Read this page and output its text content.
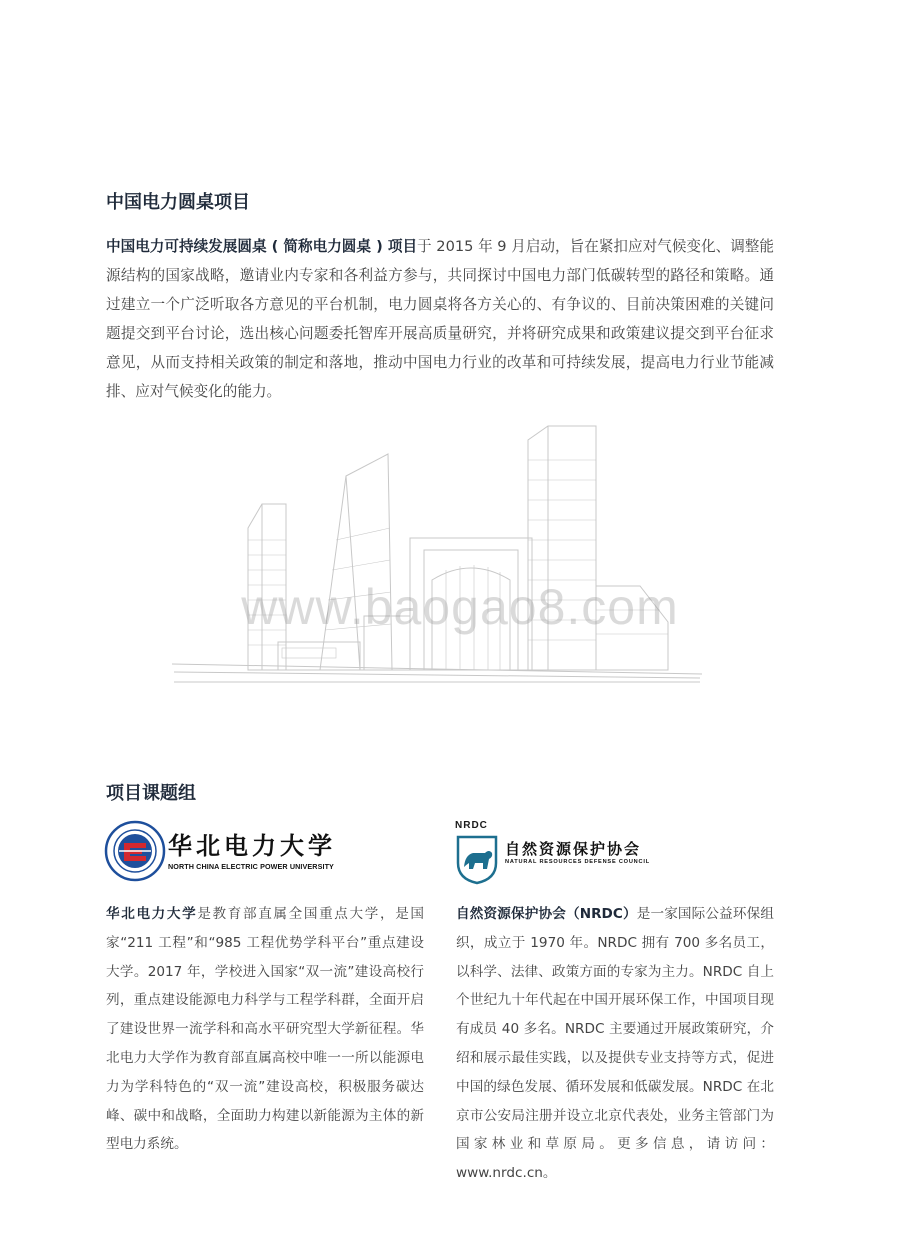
中国电力圆桌项目

中国电力可持续发展圆桌 ( 简称电力圆桌 ) 项目于 2015 年 9 月启动，旨在紧扣应对气候变化、调整能源结构的国家战略，邀请业内专家和各利益方参与，共同探讨中国电力部门低碳转型的路径和策略。通过建立一个广泛听取各方意见的平台机制，电力圆桌将各方关心的、有争议的、目前决策困难的关键问题提交到平台讨论，选出核心问题委托智库开展高质量研究，并将研究成果和政策建议提交到平台征求意见，从而支持相关政策的制定和落地，推动中国电力行业的改革和可持续发展，提高电力行业节能减排、应对气候变化的能力。

www.baogao8.com
项目课题组
华北电力大学
NORTH CHINA ELECTRIC POWER UNIVERSITY
NRDC
自然资源保护协会
NATURAL RESOURCES DEFENSE COUNCIL

华北电力大学是教育部直属全国重点大学，是国家“211 工程”和“985 工程优势学科平台”重点建设大学。2017 年，学校进入国家“双一流”建设高校行列，重点建设能源电力科学与工程学科群，全面开启了建设世界一流学科和高水平研究型大学新征程。华北电力大学作为教育部直属高校中唯一一所以能源电力为学科特色的“双一流”建设高校，积极服务碳达峰、碳中和战略，全面助力构建以新能源为主体的新型电力系统。

自然资源保护协会（NRDC）是一家国际公益环保组织，成立于 1970 年。NRDC 拥有 700 多名员工，以科学、法律、政策方面的专家为主力。NRDC 自上个世纪九十年代起在中国开展环保工作，中国项目现有成员 40 多名。NRDC 主要通过开展政策研究，介绍和展示最佳实践，以及提供专业支持等方式，促进中国的绿色发展、循环发展和低碳发展。NRDC 在北京市公安局注册并设立北京代表处，业务主管部门为国家林业和草原局。更多信息，请访问：www.nrdc.cn。
